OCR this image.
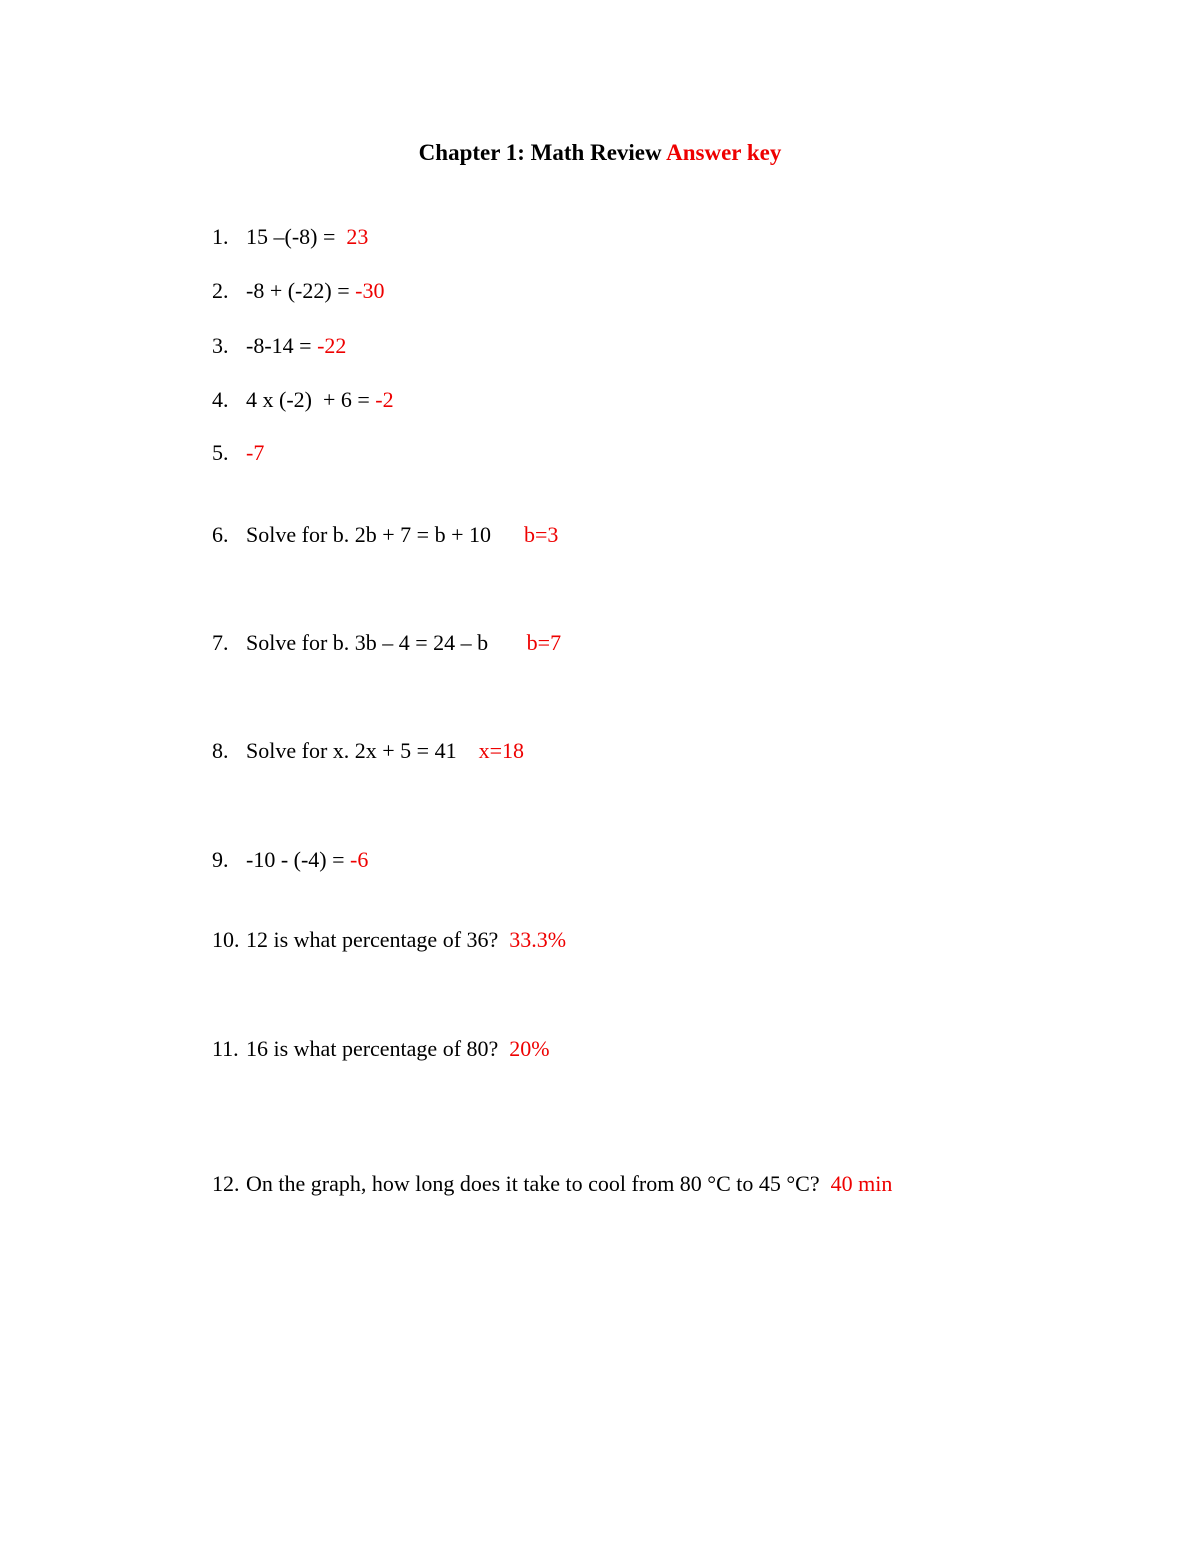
Chapter 1: Math Review Answer key
1. 15 –(-8) =  23
2. -8 + (-22) = -30
3. -8-14 = -22
4. 4 x (-2)  + 6 = -2
5. -7
6. Solve for b. 2b + 7 = b + 10      b=3
7. Solve for b. 3b – 4 = 24 – b       b=7
8. Solve for x. 2x + 5 = 41    x=18
9. -10 - (-4) = -6
10. 12 is what percentage of 36?  33.3%
11. 16 is what percentage of 80?  20%
12. On the graph, how long does it take to cool from 80 °C to 45 °C?  40 min
